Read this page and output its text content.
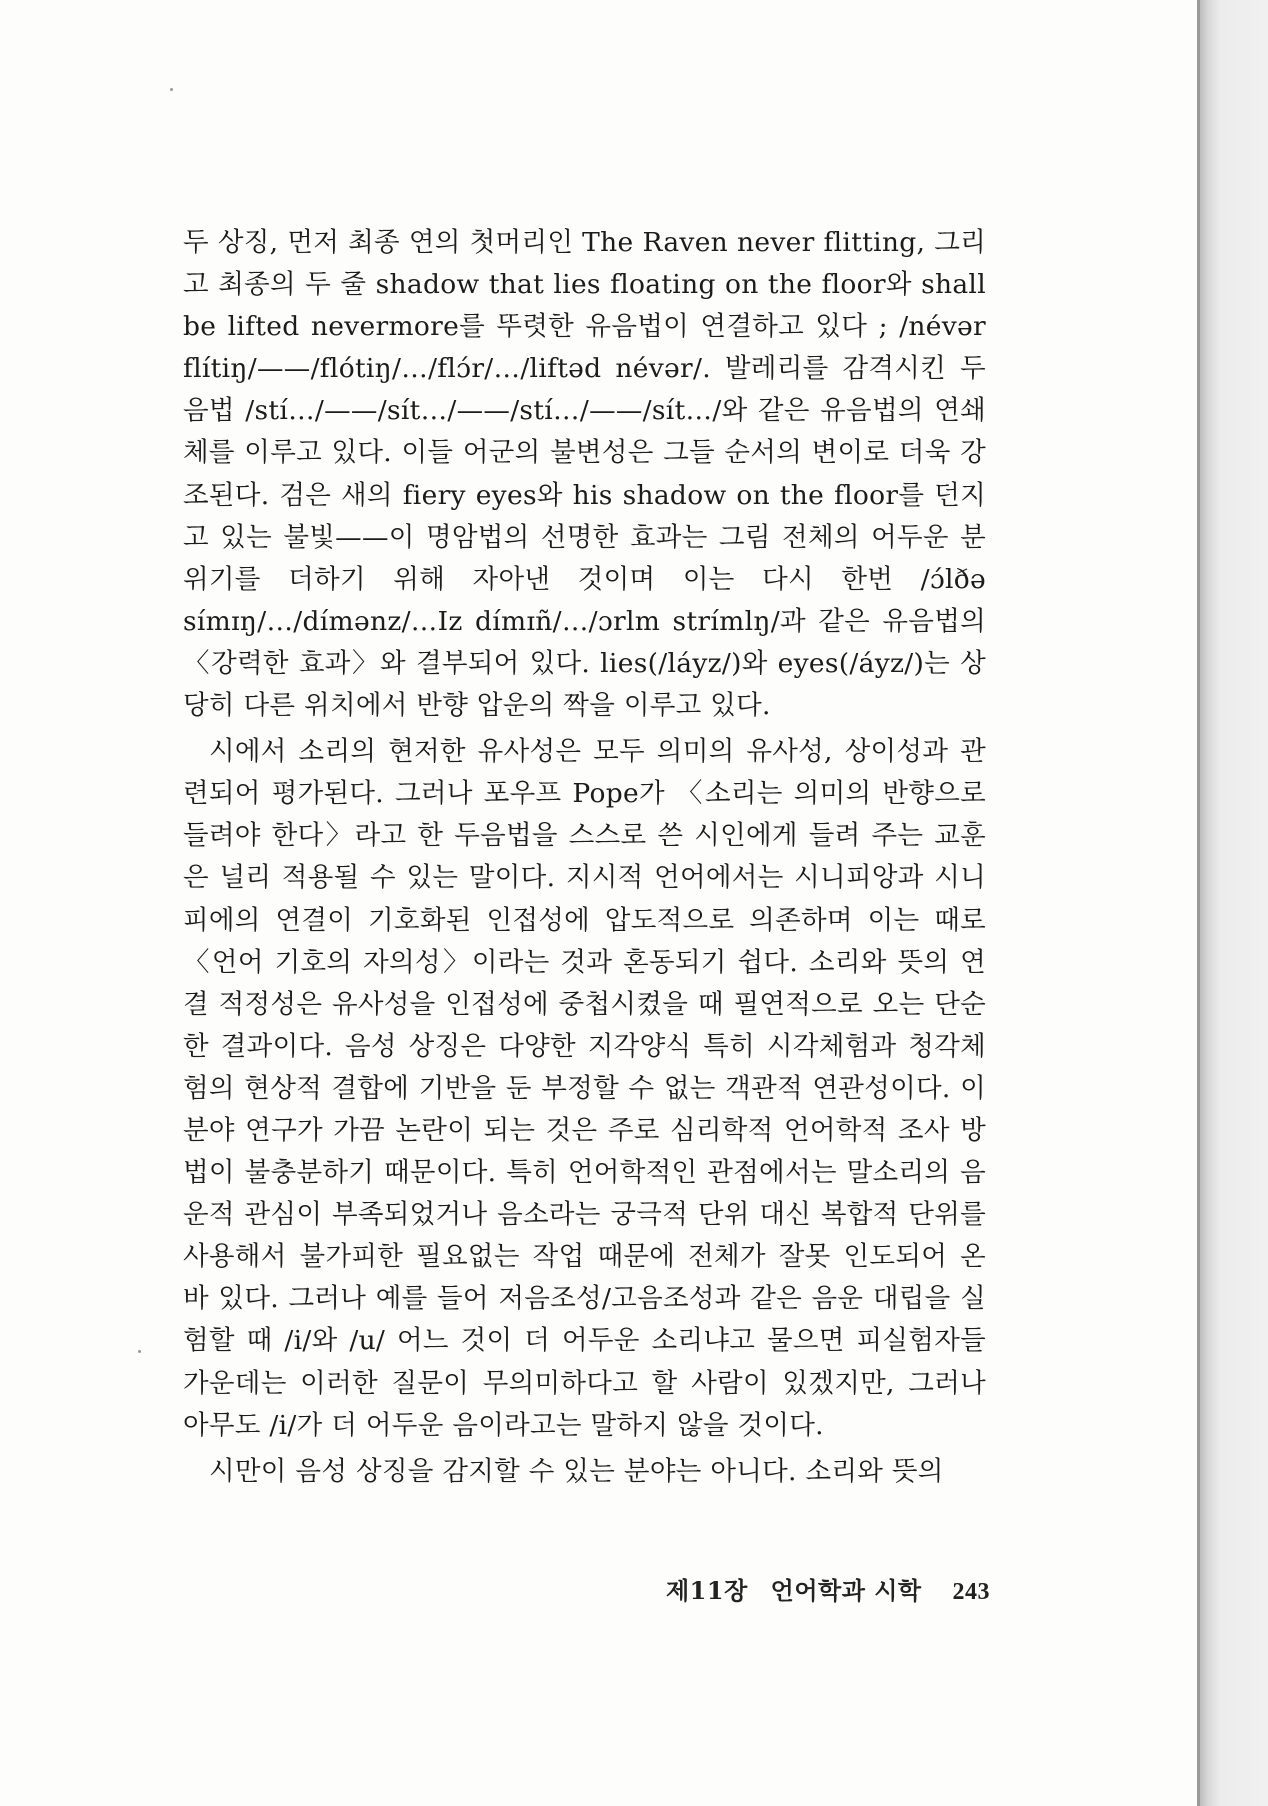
두 상징, 먼저 최종 연의 첫머리인 The Raven never flitting, 그리고 최종의 두 줄 shadow that lies floating on the floor와 shall be lifted nevermore를 뚜렷한 유음법이 연결하고 있다 ; /névər flítiŋ/——/flótiŋ/…/flɔ́r/…/liftəd névər/. 발레리를 감격시킨 두음법 /stí…/——/sít…/——/stí…/——/sít…/와 같은 유음법의 연쇄체를 이루고 있다. 이들 어군의 불변성은 그들 순서의 변이로 더욱 강조된다. 검은 새의 fiery eyes와 his shadow on the floor를 던지고 있는 불빛——이 명암법의 선명한 효과는 그림 전체의 어두운 분위기를 더하기 위해 자아낸 것이며 이는 다시 한번 /ɔ́lðə símɪŋ/…/dímənz/…Iz dímɪñ/…/ɔrlm strímlŋ/과 같은 유음법의 〈강력한 효과〉와 결부되어 있다. lies(/láyz/)와 eyes(/áyz/)는 상당히 다른 위치에서 반향 압운의 짝을 이루고 있다.

시에서 소리의 현저한 유사성은 모두 의미의 유사성, 상이성과 관련되어 평가된다. 그러나 포우프 Pope가 〈소리는 의미의 반향으로 들려야 한다〉라고 한 두음법을 스스로 쓴 시인에게 들려 주는 교훈은 널리 적용될 수 있는 말이다. 지시적 언어에서는 시니피앙과 시니피에의 연결이 기호화된 인접성에 압도적으로 의존하며 이는 때로 〈언어 기호의 자의성〉이라는 것과 혼동되기 쉽다. 소리와 뜻의 연결 적정성은 유사성을 인접성에 중첩시켰을 때 필연적으로 오는 단순한 결과이다. 음성 상징은 다양한 지각양식 특히 시각체험과 청각체험의 현상적 결합에 기반을 둔 부정할 수 없는 객관적 연관성이다. 이 분야 연구가 가끔 논란이 되는 것은 주로 심리학적 언어학적 조사 방법이 불충분하기 때문이다. 특히 언어학적인 관점에서는 말소리의 음운적 관심이 부족되었거나 음소라는 궁극적 단위 대신 복합적 단위를 사용해서 불가피한 필요없는 작업 때문에 전체가 잘못 인도되어 온 바 있다. 그러나 예를 들어 저음조성/고음조성과 같은 음운 대립을 실험할 때 /i/와 /u/ 어느 것이 더 어두운 소리냐고 물으면 피실험자들 가운데는 이러한 질문이 무의미하다고 할 사람이 있겠지만, 그러나 아무도 /i/가 더 어두운 음이라고는 말하지 않을 것이다.

시만이 음성 상징을 감지할 수 있는 분야는 아니다. 소리와 뜻의

제11장 언어학과 시학 243
